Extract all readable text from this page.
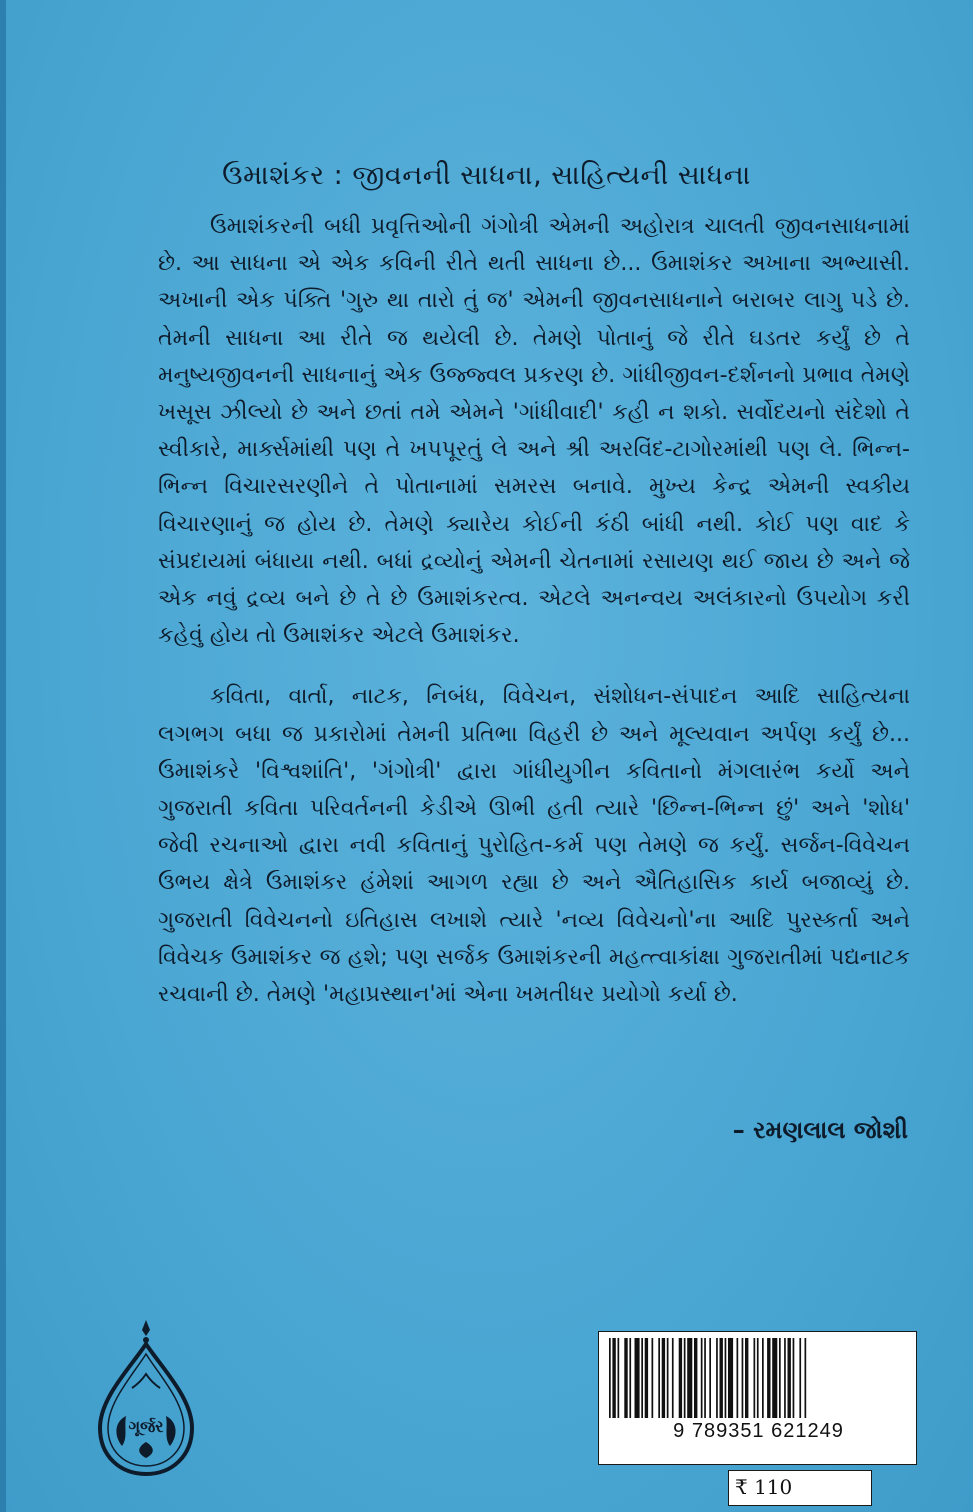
ઉમાશંકર : જીવનની સાધના, સાહિત્યની સાધના

ઉમાશંકરની બધી પ્રવૃત્તિઓની ગંગોત્રી એમની અહોરાત્ર ચાલતી જીવનસાધનામાં છે. આ સાધના એ એક કવિની રીતે થતી સાધના છે... ઉમાશંકર અખાના અભ્યાસી. અખાની એક પંક્તિ 'ગુરુ થા તારો તું જ' એમની જીવનસાધનાને બરાબર લાગુ પડે છે. તેમની સાધના આ રીતે જ થયેલી છે. તેમણે પોતાનું જે રીતે ઘડતર કર્યું છે તે મનુષ્યજીવનની સાધનાનું એક ઉજ્જ્વલ પ્રકરણ છે. ગાંધીજીવન-દર્શનનો પ્રભાવ તેમણે ખસૂસ ઝીલ્યો છે અને છતાં તમે એમને 'ગાંધીવાદી' કહી ન શકો. સર્વોદયનો સંદેશો તે સ્વીકારે, માર્ક્સમાંથી પણ તે ખપપૂરતું લે અને શ્રી અરવિંદ-ટાગોરમાંથી પણ લે. ભિન્ન-ભિન્ન વિચારસરણીને તે પોતાનામાં સમરસ બનાવે. મુખ્ય કેન્દ્ર એમની સ્વકીય વિચારણાનું જ હોય છે. તેમણે ક્યારેય કોઈની કંઠી બાંધી નથી. કોઈ પણ વાદ કે સંપ્રદાયમાં બંધાયા નથી. બધાં દ્રવ્યોનું એમની ચેતનામાં રસાયણ થઈ જાય છે અને જે એક નવું દ્રવ્ય બને છે તે છે ઉમાશંકરત્વ. એટલે અનન્વય અલંકારનો ઉપયોગ કરી કહેવું હોય તો ઉમાશંકર એટલે ઉમાશંકર.

કવિતા, વાર્તા, નાટક, નિબંધ, વિવેચન, સંશોધન-સંપાદન આદિ સાહિત્યના લગભગ બધા જ પ્રકારોમાં તેમની પ્રતિભા વિહરી છે અને મૂલ્યવાન અર્પણ કર્યું છે... ઉમાશંકરે 'વિશ્વશાંતિ', 'ગંગોત્રી' દ્વારા ગાંધીયુગીન કવિતાનો મંગલારંભ કર્યો અને ગુજરાતી કવિતા પરિવર્તનની કેડીએ ઊભી હતી ત્યારે 'છિન્ન-ભિન્ન છું' અને 'શોધ' જેવી રચનાઓ દ્વારા નવી કવિતાનું પુરોહિત-કર્મ પણ તેમણે જ કર્યું. સર્જન-વિવેચન ઉભય ક્ષેત્રે ઉમાશંકર હંમેશાં આગળ રહ્યા છે અને ઐતિહાસિક કાર્ય બજાવ્યું છે. ગુજરાતી વિવેચનનો ઇતિહાસ લખાશે ત્યારે 'નવ્ય વિવેચનો'ના આદિ પુરસ્કર્તા અને વિવેચક ઉમાશંકર જ હશે; પણ સર્જક ઉમાશંકરની મહત્ત્વાકાંક્ષા ગુજરાતીમાં પદ્યનાટક રચવાની છે. તેમણે 'મહાપ્રસ્થાન'માં એના ખમતીધર પ્રયોગો કર્યા છે.

– રમણલાલ જોશી
ગૂર્જર	9 789351 621249
₹ 110
